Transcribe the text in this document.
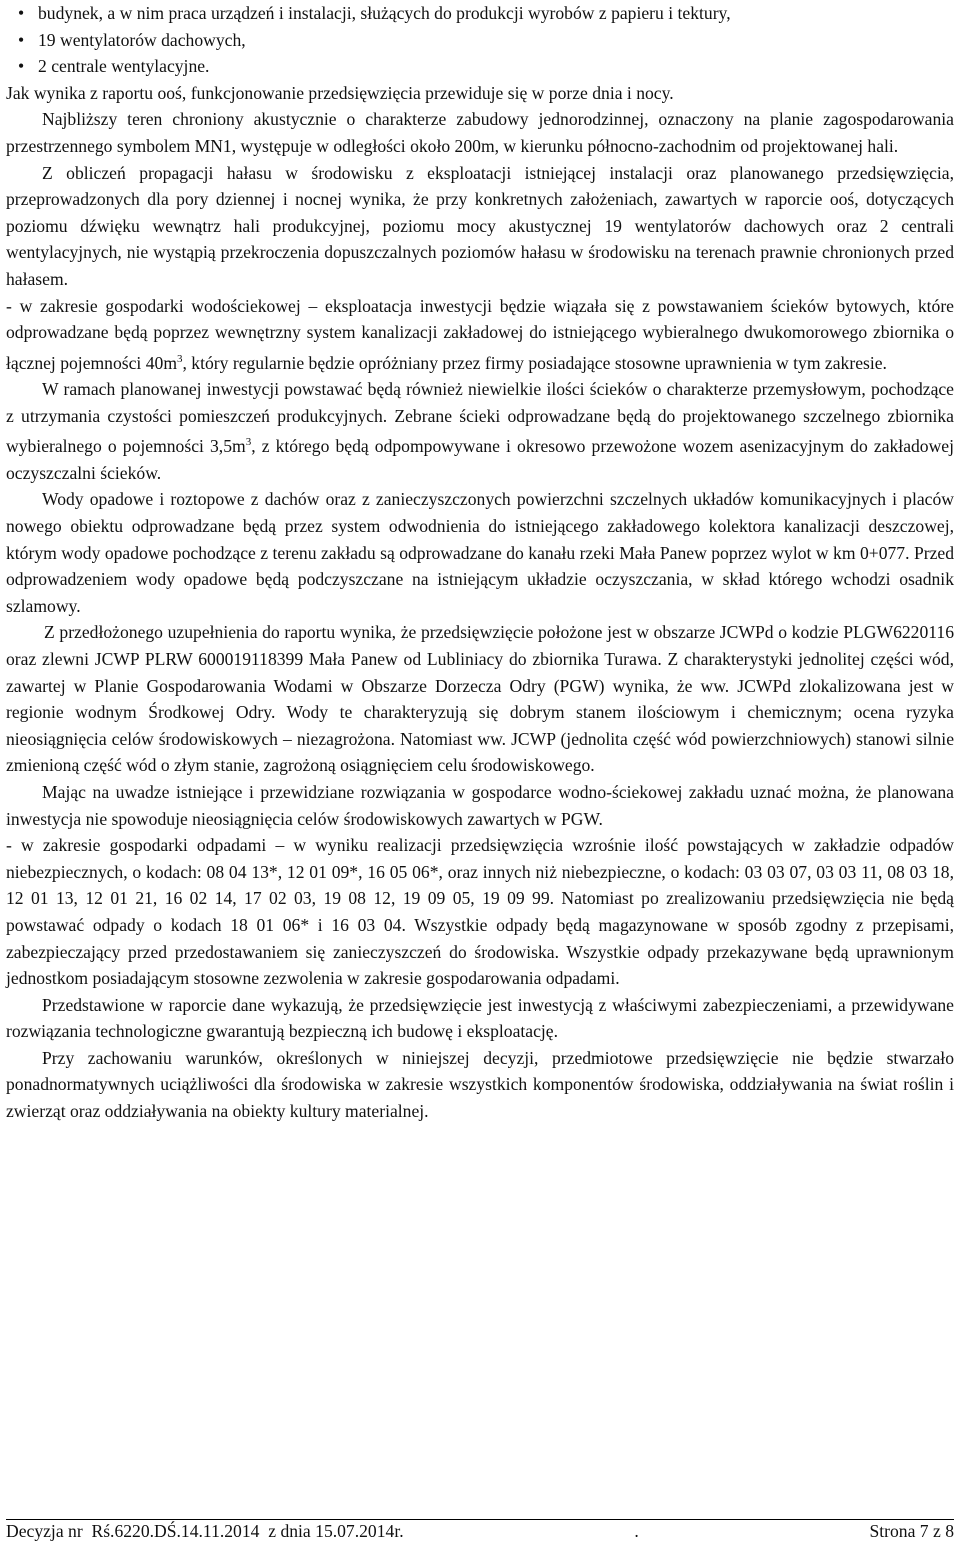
• budynek, a w nim praca urządzeń i instalacji, służących do produkcji wyrobów z papieru i tektury,
• 19 wentylatorów dachowych,
• 2 centrale wentylacyjne.

Jak wynika z raportu ooś, funkcjonowanie przedsięwzięcia przewiduje się w porze dnia i nocy.

Najbliższy teren chroniony akustycznie o charakterze zabudowy jednorodzinnej, oznaczony na planie zagospodarowania przestrzennego symbolem MN1, występuje w odległości około 200m, w kierunku północno-zachodnim od projektowanej hali.

Z obliczeń propagacji hałasu w środowisku z eksploatacji istniejącej instalacji oraz planowanego przedsięwzięcia, przeprowadzonych dla pory dziennej i nocnej wynika, że przy konkretnych założeniach, zawartych w raporcie ooś, dotyczących poziomu dźwięku wewnątrz hali produkcyjnej, poziomu mocy akustycznej 19 wentylatorów dachowych oraz 2 centrali wentylacyjnych, nie wystąpią przekroczenia dopuszczalnych poziomów hałasu w środowisku na terenach prawnie chronionych przed hałasem.

- w zakresie gospodarki wodościekowej – eksploatacja inwestycji będzie wiązała się z powstawaniem ścieków bytowych, które odprowadzane będą poprzez wewnętrzny system kanalizacji zakładowej do istniejącego wybieralnego dwukomorowego zbiornika o łącznej pojemności $40m^3$, który regularnie będzie opróżniany przez firmy posiadające stosowne uprawnienia w tym zakresie.

W ramach planowanej inwestycji powstawać będą również niewielkie ilości ścieków o charakterze przemysłowym, pochodzące z utrzymania czystości pomieszczeń produkcyjnych. Zebrane ścieki odprowadzane będą do projektowanego szczelnego zbiornika wybieralnego o pojemności $3,5m^3$, z którego będą odpompowywane i okresowo przewożone wozem asenizacyjnym do zakładowej oczyszczalni ścieków.

Wody opadowe i roztopowe z dachów oraz z zanieczyszczonych powierzchni szczelnych układów komunikacyjnych i placów nowego obiektu odprowadzane będą przez system odwodnienia do istniejącego zakładowego kolektora kanalizacji deszczowej, którym wody opadowe pochodzące z terenu zakładu są odprowadzane do kanału rzeki Mała Panew poprzez wylot w km 0+077. Przed odprowadzeniem wody opadowe będą podczyszczane na istniejącym układzie oczyszczania, w skład którego wchodzi osadnik szlamowy.

Z przedłożonego uzupełnienia do raportu wynika, że przedsięwzięcie położone jest w obszarze JCWPd o kodzie PLGW6220116 oraz zlewni JCWP PLRW 600019118399 Mała Panew od Lubliniacy do zbiornika Turawa. Z charakterystyki jednolitej części wód, zawartej w Planie Gospodarowania Wodami w Obszarze Dorzecza Odry (PGW) wynika, że ww. JCWPd zlokalizowana jest w regionie wodnym Środkowej Odry. Wody te charakteryzują się dobrym stanem ilościowym i chemicznym; ocena ryzyka nieosiągnięcia celów środowiskowych – niezagrożona. Natomiast ww. JCWP (jednolita część wód powierzchniowych) stanowi silnie zmienioną część wód o złym stanie, zagrożoną osiągnięciem celu środowiskowego.

Mając na uwadze istniejące i przewidziane rozwiązania w gospodarce wodno-ściekowej zakładu uznać można, że planowana inwestycja nie spowoduje nieosiągnięcia celów środowiskowych zawartych w PGW.

- w zakresie gospodarki odpadami – w wyniku realizacji przedsięwzięcia wzrośnie ilość powstających w zakładzie odpadów niebezpiecznych, o kodach: 08 04 13*, 12 01 09*, 16 05 06*, oraz innych niż niebezpieczne, o kodach: 03 03 07, 03 03 11, 08 03 18, 12 01 13, 12 01 21, 16 02 14, 17 02 03, 19 08 12, 19 09 05, 19 09 99. Natomiast po zrealizowaniu przedsięwzięcia nie będą powstawać odpady o kodach 18 01 06* i 16 03 04. Wszystkie odpady będą magazynowane w sposób zgodny z przepisami, zabezpieczający przed przedostawaniem się zanieczyszczeń do środowiska. Wszystkie odpady przekazywane będą uprawnionym jednostkom posiadającym stosowne zezwolenia w zakresie gospodarowania odpadami.

Przedstawione w raporcie dane wykazują, że przedsięwzięcie jest inwestycją z właściwymi zabezpieczeniami, a przewidywane rozwiązania technologiczne gwarantują bezpieczną ich budowę i eksploatację.

Przy zachowaniu warunków, określonych w niniejszej decyzji, przedmiotowe przedsięwzięcie nie będzie stwarzało ponadnormatywnych uciążliwości dla środowiska w zakresie wszystkich komponentów środowiska, oddziaływania na świat roślin i zwierząt oraz oddziaływania na obiekty kultury materialnej.

Decyzja nr  Rś.6220.DŚ.14.11.2014  z dnia 15.07.2014r.	.	Strona 7 z 8
